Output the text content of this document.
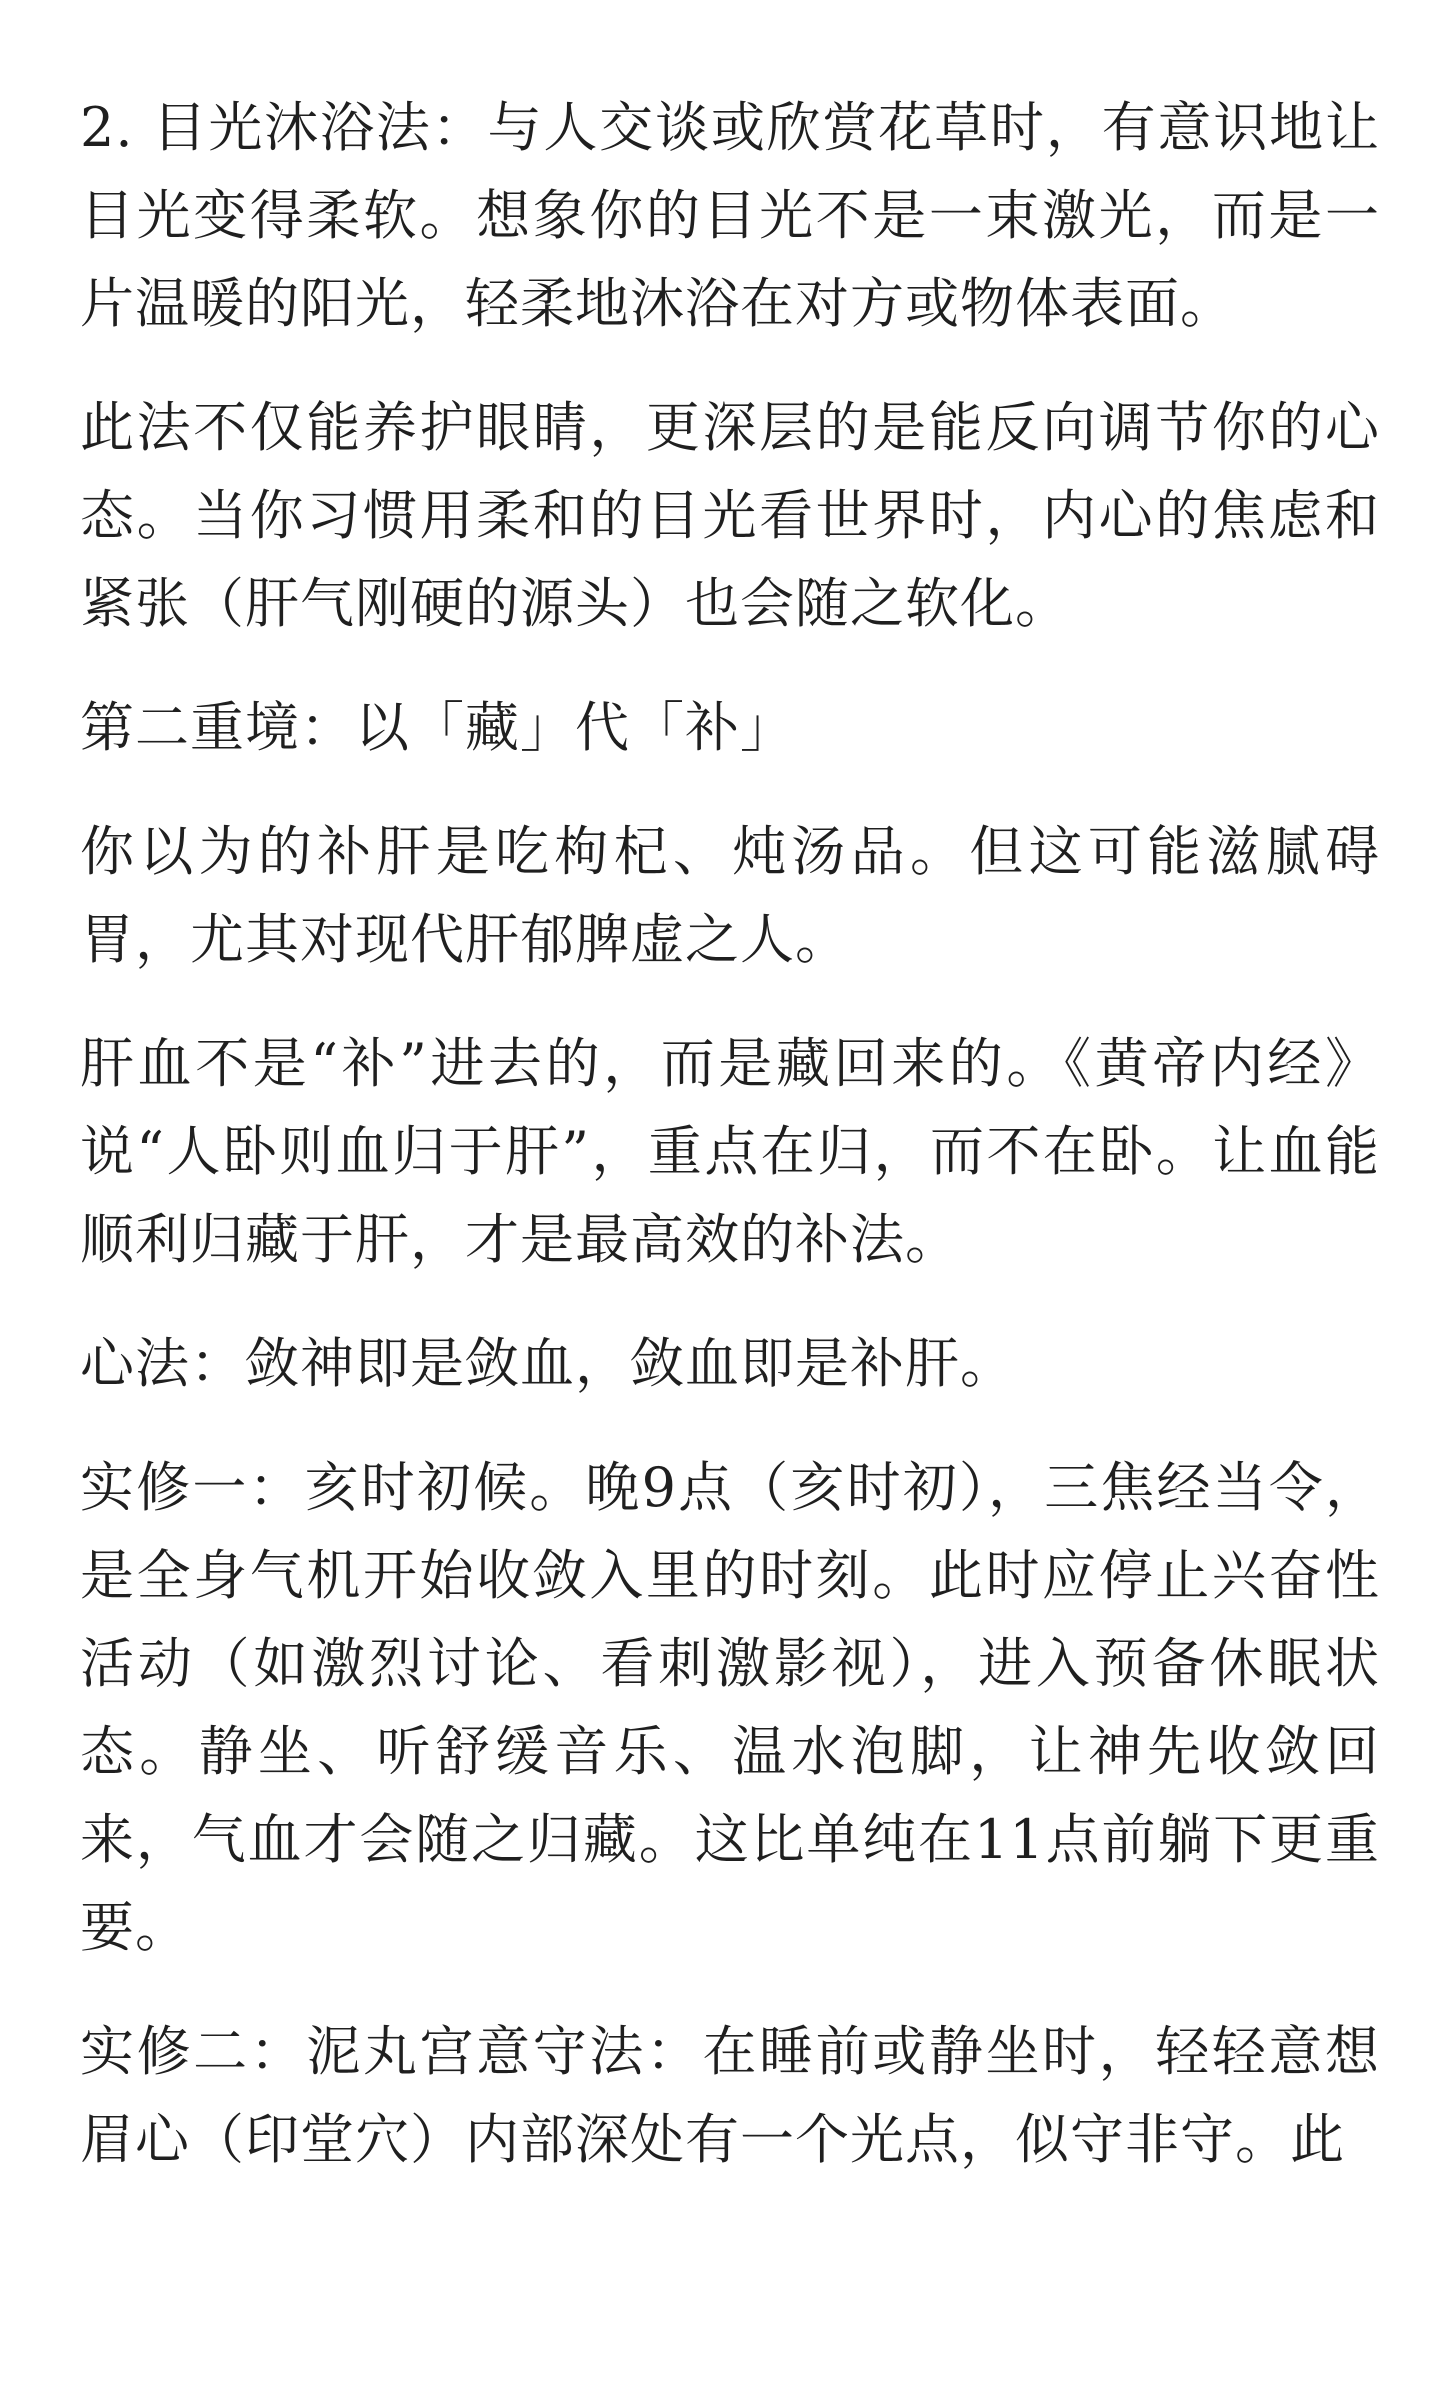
2. 目光沐浴法：与人交谈或欣赏花草时，有意识地让目光变得柔软。想象你的目光不是一束激光，而是一片温暖的阳光，轻柔地沐浴在对方或物体表面。

此法不仅能养护眼睛，更深层的是能反向调节你的心态。当你习惯用柔和的目光看世界时，内心的焦虑和紧张（肝气刚硬的源头）也会随之软化。

第二重境：以「藏」代「补」

你以为的补肝是吃枸杞、炖汤品。但这可能滋腻碍胃，尤其对现代肝郁脾虚之人。

肝血不是“补”进去的，而是藏回来的。《黄帝内经》说“人卧则血归于肝”，重点在归，而不在卧。让血能顺利归藏于肝，才是最高效的补法。

心法：敛神即是敛血，敛血即是补肝。

实修一：亥时初候。晚9点（亥时初），三焦经当令，是全身气机开始收敛入里的时刻。此时应停止兴奋性活动（如激烈讨论、看刺激影视），进入预备休眠状态。静坐、听舒缓音乐、温水泡脚，让神先收敛回来，气血才会随之归藏。这比单纯在11点前躺下更重要。

实修二：泥丸宫意守法：在睡前或静坐时，轻轻意想眉心（印堂穴）内部深处有一个光点，似守非守。此
